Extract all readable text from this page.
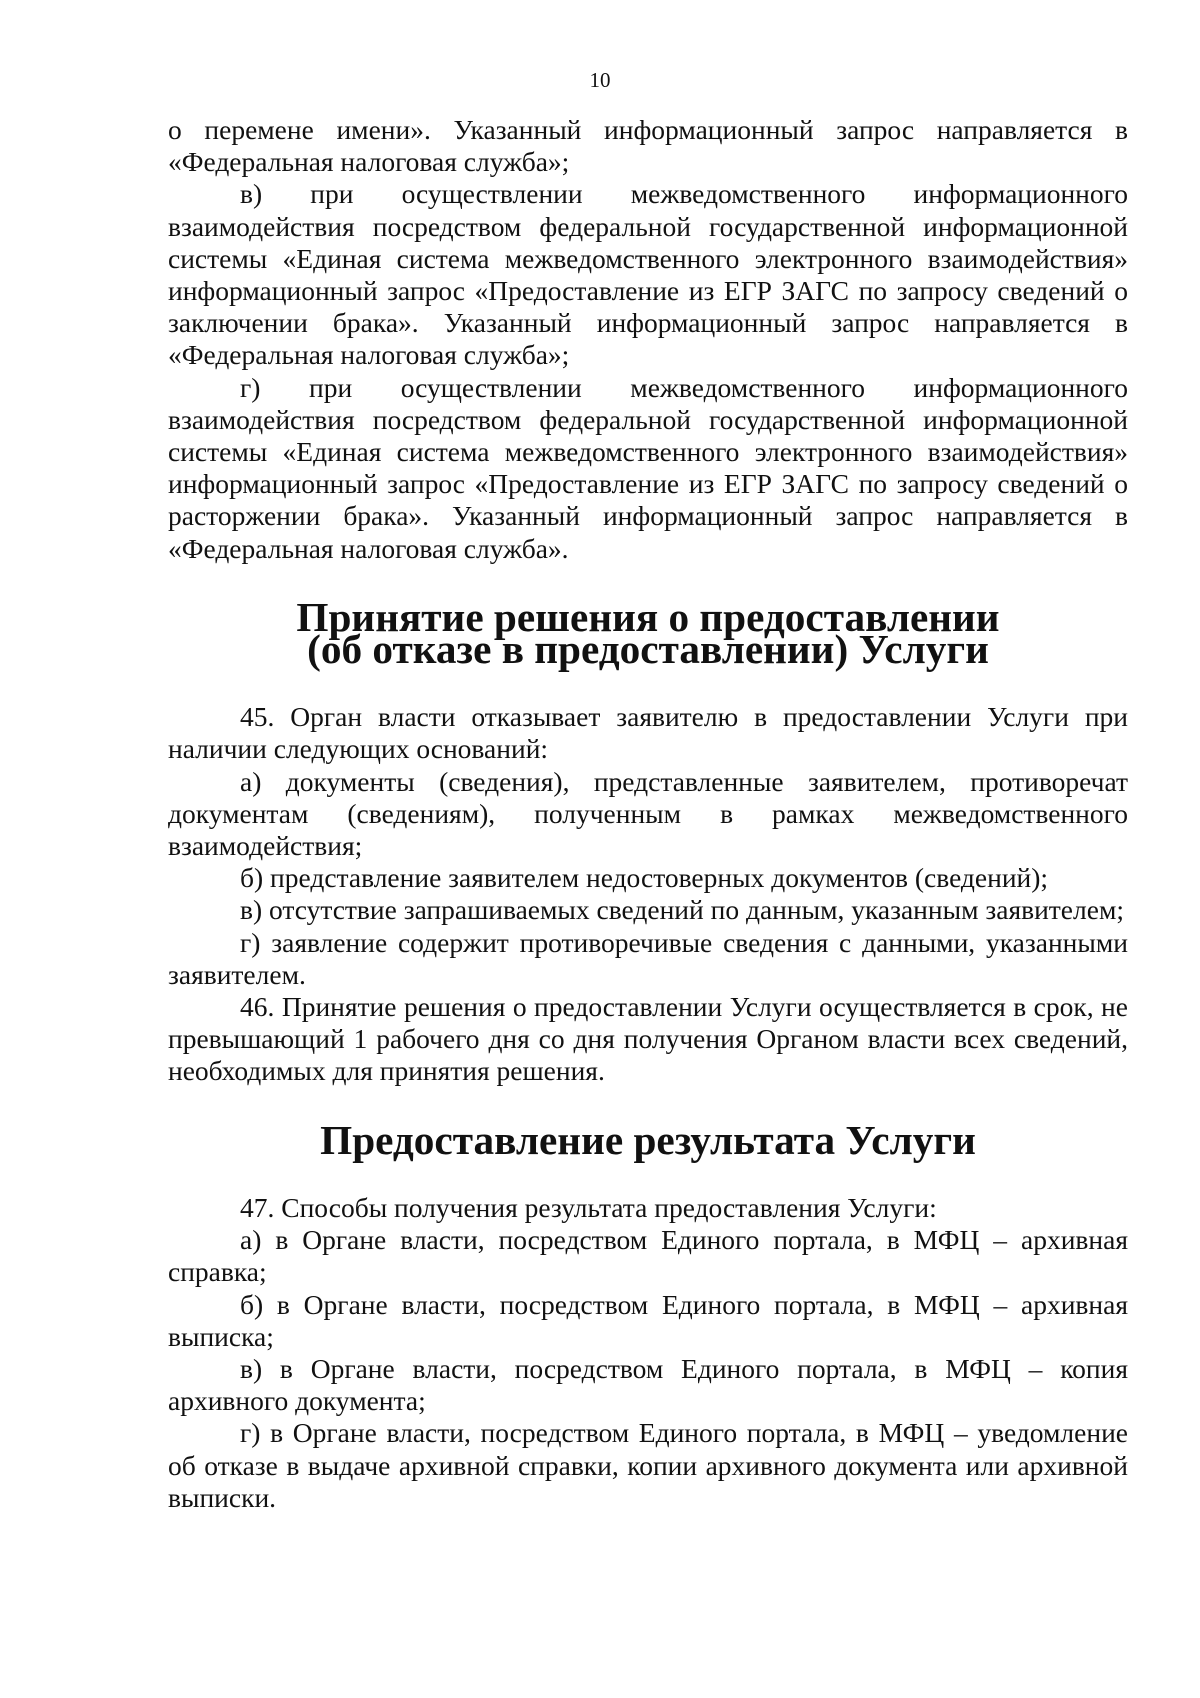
10

о перемене имени». Указанный информационный запрос направляется в «Федеральная налоговая служба»;

в) при осуществлении межведомственного информационного взаимодействия посредством федеральной государственной информационной системы «Единая система межведомственного электронного взаимодействия» информационный запрос «Предоставление из ЕГР ЗАГС по запросу сведений о заключении брака». Указанный информационный запрос направляется в «Федеральная налоговая служба»;

г) при осуществлении межведомственного информационного взаимодействия посредством федеральной государственной информационной системы «Единая система межведомственного электронного взаимодействия» информационный запрос «Предоставление из ЕГР ЗАГС по запросу сведений о расторжении брака». Указанный информационный запрос направляется в «Федеральная налоговая служба».

Принятие решения о предоставлении
(об отказе в предоставлении) Услуги

45. Орган власти отказывает заявителю в предоставлении Услуги при наличии следующих оснований:

а) документы (сведения), представленные заявителем, противоречат документам (сведениям), полученным в рамках межведомственного взаимодействия;

б) представление заявителем недостоверных документов (сведений);

в) отсутствие запрашиваемых сведений по данным, указанным заявителем;

г) заявление содержит противоречивые сведения с данными, указанными заявителем.

46. Принятие решения о предоставлении Услуги осуществляется в срок, не превышающий 1 рабочего дня со дня получения Органом власти всех сведений, необходимых для принятия решения.

Предоставление результата Услуги

47. Способы получения результата предоставления Услуги:

а) в Органе власти, посредством Единого портала, в МФЦ – архивная справка;

б) в Органе власти, посредством Единого портала, в МФЦ – архивная выписка;

в) в Органе власти, посредством Единого портала, в МФЦ – копия архивного документа;

г) в Органе власти, посредством Единого портала, в МФЦ – уведомление об отказе в выдаче архивной справки, копии архивного документа или архивной выписки.
